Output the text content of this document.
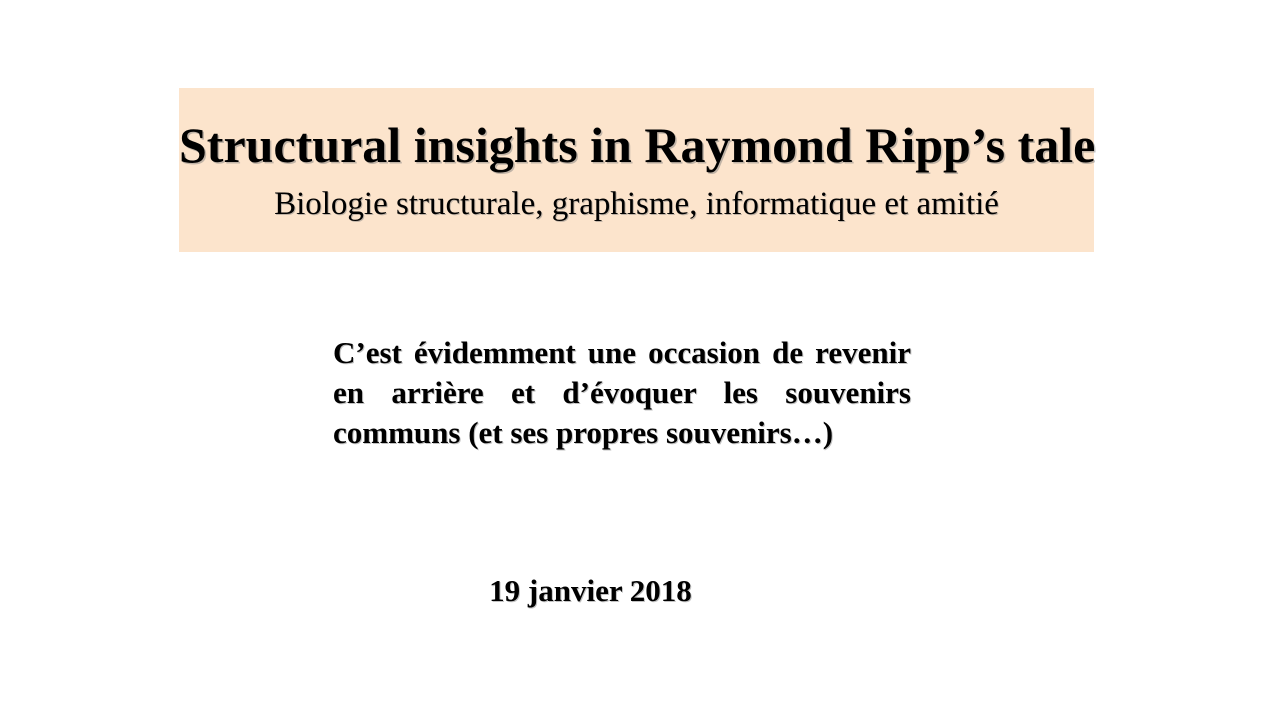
Structural insights in Raymond Ripp’s tale
Biologie structurale, graphisme, informatique et amitié
C’est évidemment une occasion de revenir
en arrière et d’évoquer les souvenirs
communs (et ses propres souvenirs…)
19 janvier 2018
